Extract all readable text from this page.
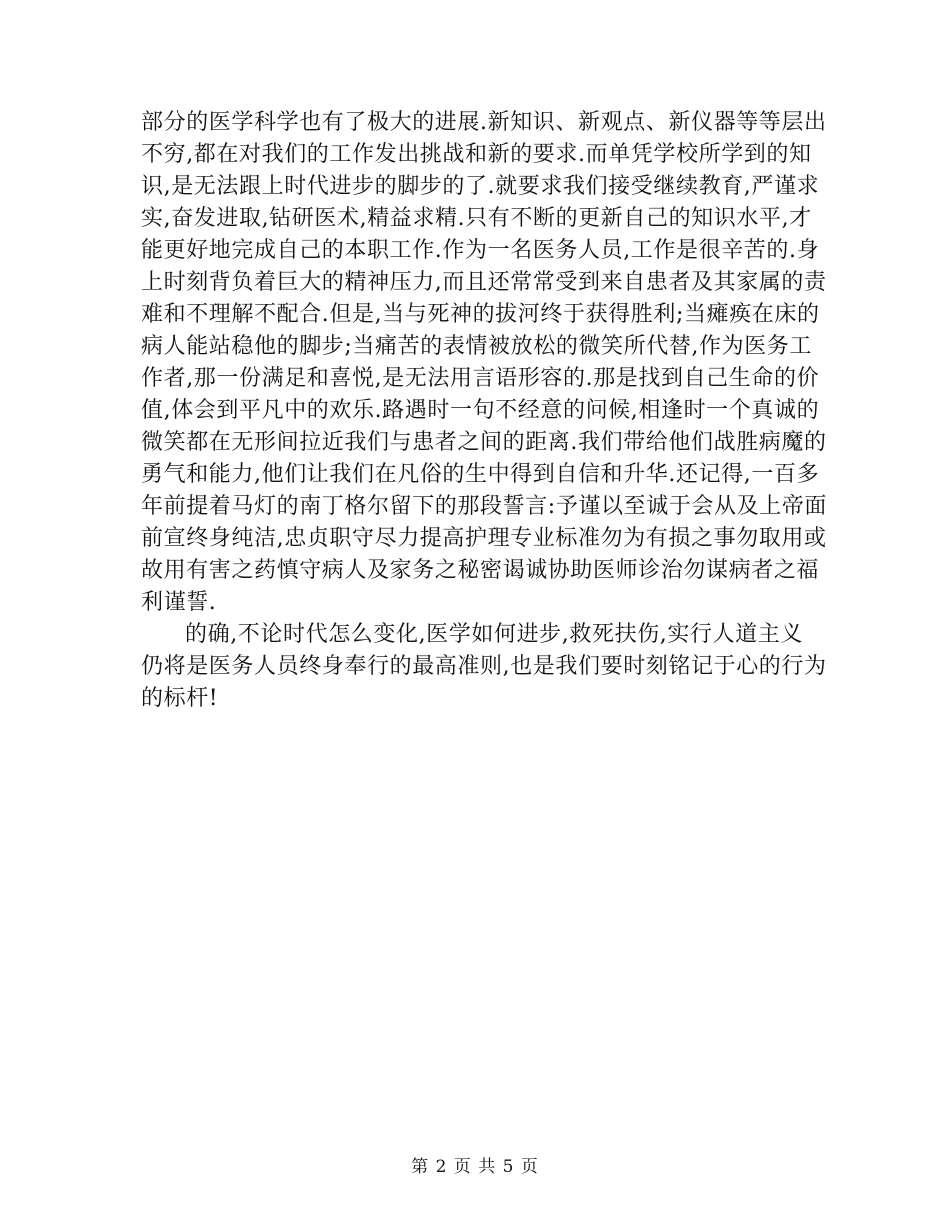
部分的医学科学也有了极大的进展.新知识、新观点、新仪器等等层出
不穷,都在对我们的工作发出挑战和新的要求.而单凭学校所学到的知
识,是无法跟上时代进步的脚步的了.就要求我们接受继续教育,严谨求
实,奋发进取,钻研医术,精益求精.只有不断的更新自己的知识水平,才
能更好地完成自己的本职工作.作为一名医务人员,工作是很辛苦的.身
上时刻背负着巨大的精神压力,而且还常常受到来自患者及其家属的责
难和不理解不配合.但是,当与死神的拔河终于获得胜利;当瘫痪在床的
病人能站稳他的脚步;当痛苦的表情被放松的微笑所代替,作为医务工
作者,那一份满足和喜悦,是无法用言语形容的.那是找到自己生命的价
值,体会到平凡中的欢乐.路遇时一句不经意的问候,相逢时一个真诚的
微笑都在无形间拉近我们与患者之间的距离.我们带给他们战胜病魔的
勇气和能力,他们让我们在凡俗的生中得到自信和升华.还记得,一百多
年前提着马灯的南丁格尔留下的那段誓言:予谨以至诚于会从及上帝面
前宣终身纯洁,忠贞职守尽力提高护理专业标准勿为有损之事勿取用或
故用有害之药慎守病人及家务之秘密谒诚协助医师诊治勿谋病者之福
利谨誓.
的确,不论时代怎么变化,医学如何进步,救死扶伤,实行人道主义
仍将是医务人员终身奉行的最高准则,也是我们要时刻铭记于心的行为
的标杆!
第 2 页 共 5 页
